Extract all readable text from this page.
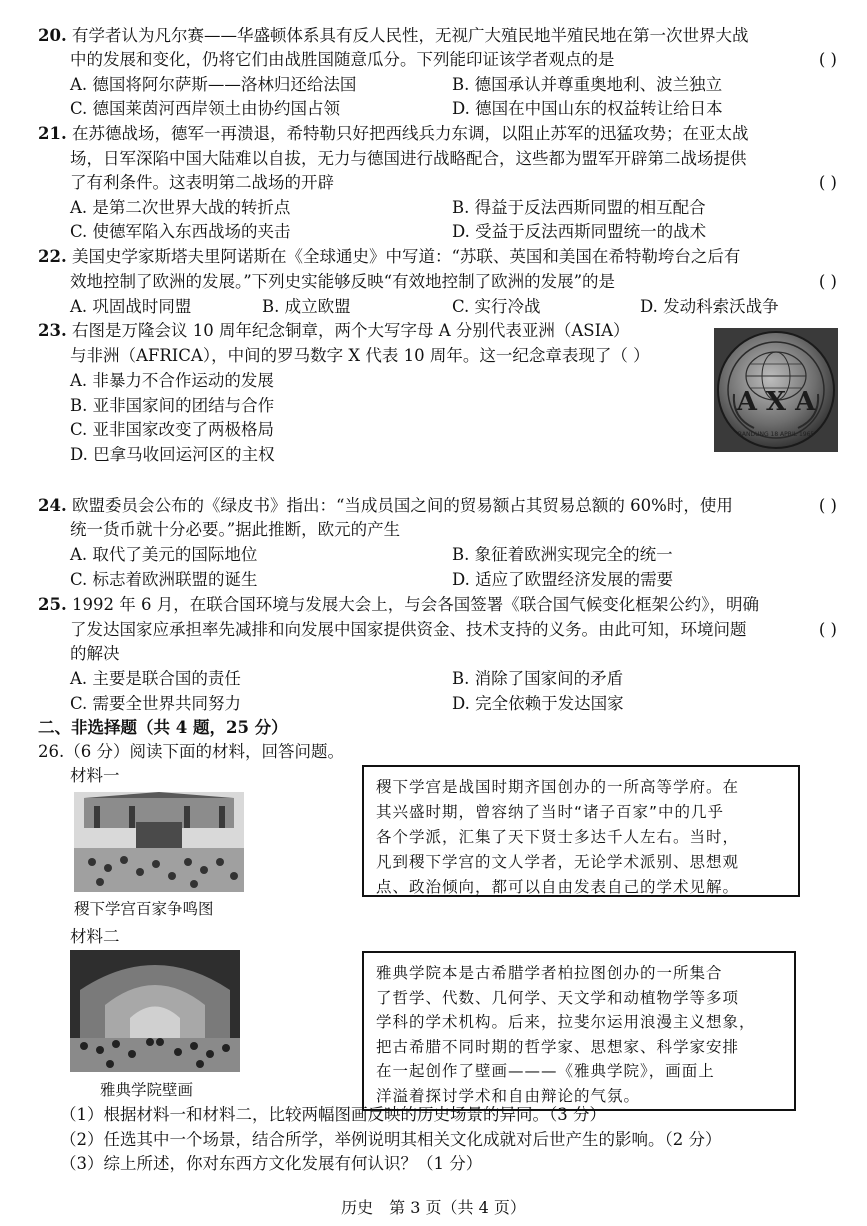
20. 有学者认为凡尔赛——华盛顿体系具有反人民性，无视广大殖民地半殖民地在第一次世界大战
中的发展和变化，仍将它们由战胜国随意瓜分。下列能印证该学者观点的是	( )
A. 德国将阿尔萨斯——洛林归还给法国	B. 德国承认并尊重奥地利、波兰独立
C. 德国莱茵河西岸领土由协约国占领	D. 德国在中国山东的权益转让给日本
21. 在苏德战场，德军一再溃退，希特勒只好把西线兵力东调，以阻止苏军的迅猛攻势；在亚太战
场，日军深陷中国大陆难以自拔，无力与德国进行战略配合，这些都为盟军开辟第二战场提供
了有利条件。这表明第二战场的开辟	( )
A. 是第二次世界大战的转折点	B. 得益于反法西斯同盟的相互配合
C. 使德军陷入东西战场的夹击	D. 受益于反法西斯同盟统一的战术
22. 美国史学家斯塔夫里阿诺斯在《全球通史》中写道：“苏联、英国和美国在希特勒垮台之后有
效地控制了欧洲的发展。”下列史实能够反映“有效地控制了欧洲的发展”的是	( )
A. 巩固战时同盟	B. 成立欧盟	C. 实行冷战	D. 发动科索沃战争
23. 右图是万隆会议 10 周年纪念铜章，两个大写字母 A 分别代表亚洲（ASIA）
与非洲（AFRICA），中间的罗马数字 X 代表 10 周年。这一纪念章表现了（ ）
A. 非暴力不合作运动的发展
B. 亚非国家间的团结与合作
C. 亚非国家改变了两极格局
D. 巴拿马收回运河区的主权
A X A
BANDUNG 18 APRIL 1965
24. 欧盟委员会公布的《绿皮书》指出：“当成员国之间的贸易额占其贸易总额的 60%时，使用
统一货币就十分必要。”据此推断，欧元的产生
( )
A. 取代了美元的国际地位	B. 象征着欧洲实现完全的统一
C. 标志着欧洲联盟的诞生	D. 适应了欧盟经济发展的需要
25. 1992 年 6 月，在联合国环境与发展大会上，与会各国签署《联合国气候变化框架公约》，明确
了发达国家应承担率先减排和向发展中国家提供资金、技术支持的义务。由此可知，环境问题
的解决
( )
A. 主要是联合国的责任	B. 消除了国家间的矛盾
C. 需要全世界共同努力	D. 完全依赖于发达国家
二、非选择题（共 4 题，25 分）
26.（6 分）阅读下面的材料，回答问题。
材料一
稷下学宫百家争鸣图
稷下学宫是战国时期齐国创办的一所高等学府。在
其兴盛时期，曾容纳了当时“诸子百家”中的几乎
各个学派，汇集了天下贤士多达千人左右。当时，
凡到稷下学宫的文人学者，无论学术派别、思想观
点、政治倾向，都可以自由发表自己的学术见解。
材料二
雅典学院壁画
雅典学院本是古希腊学者柏拉图创办的一所集合
了哲学、代数、几何学、天文学和动植物学等多项
学科的学术机构。后来，拉斐尔运用浪漫主义想象，
把古希腊不同时期的哲学家、思想家、科学家安排
在一起创作了壁画———《雅典学院》，画面上
洋溢着探讨学术和自由辩论的气氛。
（1）根据材料一和材料二，比较两幅图画反映的历史场景的异同。（3 分）
（2）任选其中一个场景，结合所学，举例说明其相关文化成就对后世产生的影响。（2 分）
（3）综上所述，你对东西方文化发展有何认识？（1 分）
历史　第 3 页（共 4 页）
